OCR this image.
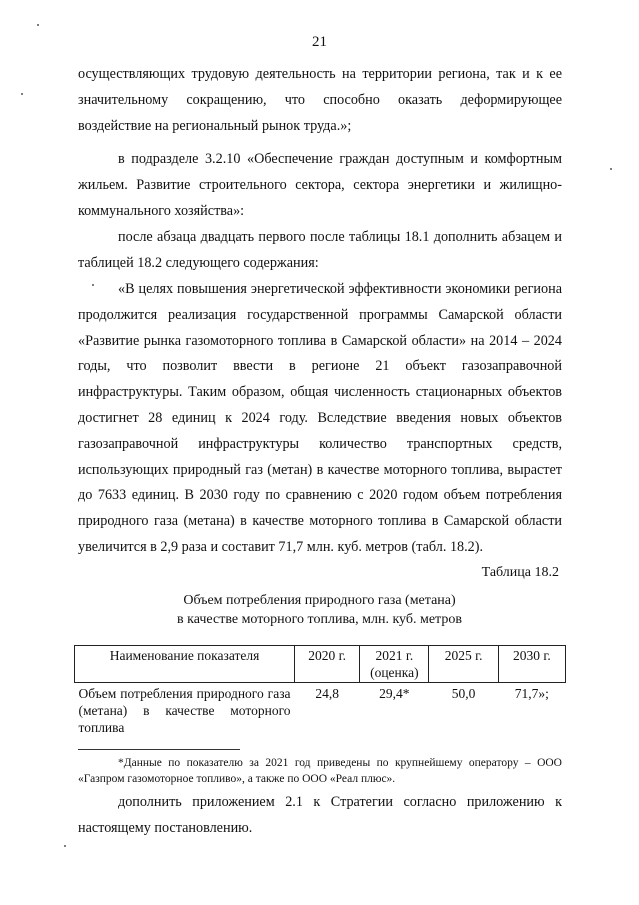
21

осуществляющих трудовую деятельность на территории региона, так и к ее значительному сокращению, что способно оказать деформирующее воздействие на региональный рынок труда.»;

в подразделе 3.2.10 «Обеспечение граждан доступным и комфортным жильем. Развитие строительного сектора, сектора энергетики и жилищно-коммунального хозяйства»:

после абзаца двадцать первого после таблицы 18.1 дополнить абзацем и таблицей 18.2 следующего содержания:

«В целях повышения энергетической эффективности экономики региона продолжится реализация государственной программы Самарской области «Развитие рынка газомоторного топлива в Самарской области» на 2014 – 2024 годы, что позволит ввести в регионе 21 объект газозаправочной инфраструктуры. Таким образом, общая численность стационарных объектов достигнет 28 единиц к 2024 году. Вследствие введения новых объектов газозаправочной инфраструктуры количество транспортных средств, использующих природный газ (метан) в качестве моторного топлива, вырастет до 7633 единиц. В 2030 году по сравнению с 2020 годом объем потребления природного газа (метана) в качестве моторного топлива в Самарской области увеличится в 2,9 раза и составит 71,7 млн. куб. метров (табл. 18.2).

Таблица 18.2
Объем потребления природного газа (метана)
в качестве моторного топлива, млн. куб. метров
Наименование показателя	2020 г.	2021 г. (оценка)	2025 г.	2030 г.
Объем потребления природного газа (метана) в качестве моторного топлива	24,8	29,4*	50,0	71,7»;
*Данные по показателю за 2021 год приведены по крупнейшему оператору – ООО «Газпром газомоторное топливо», а также по ООО «Реал плюс».

дополнить приложением 2.1 к Стратегии согласно приложению к настоящему постановлению.
